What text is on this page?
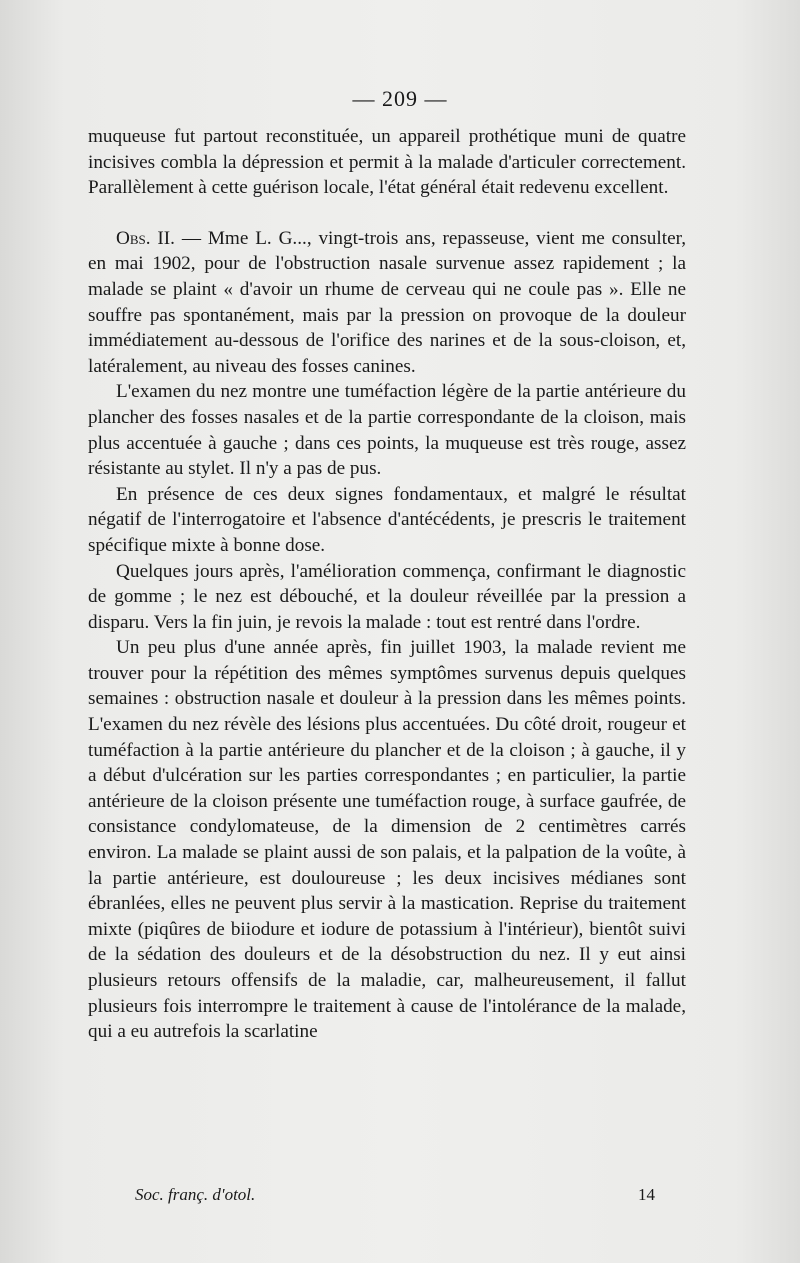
— 209 —

muqueuse fut partout reconstituée, un appareil prothétique muni de quatre incisives combla la dépression et permit à la malade d'articuler correctement. Parallèlement à cette guérison locale, l'état général était redevenu excellent.

Obs. II. — Mme L. G..., vingt-trois ans, repasseuse, vient me consulter, en mai 1902, pour de l'obstruction nasale survenue assez rapidement ; la malade se plaint « d'avoir un rhume de cerveau qui ne coule pas ». Elle ne souffre pas spontanément, mais par la pression on provoque de la douleur immédiatement au-dessous de l'orifice des narines et de la sous-cloison, et, latéralement, au niveau des fosses canines.

L'examen du nez montre une tuméfaction légère de la partie antérieure du plancher des fosses nasales et de la partie correspondante de la cloison, mais plus accentuée à gauche ; dans ces points, la muqueuse est très rouge, assez résistante au stylet. Il n'y a pas de pus.

En présence de ces deux signes fondamentaux, et malgré le résultat négatif de l'interrogatoire et l'absence d'antécédents, je prescris le traitement spécifique mixte à bonne dose.

Quelques jours après, l'amélioration commença, confirmant le diagnostic de gomme ; le nez est débouché, et la douleur réveillée par la pression a disparu. Vers la fin juin, je revois la malade : tout est rentré dans l'ordre.

Un peu plus d'une année après, fin juillet 1903, la malade revient me trouver pour la répétition des mêmes symptômes survenus depuis quelques semaines : obstruction nasale et douleur à la pression dans les mêmes points. L'examen du nez révèle des lésions plus accentuées. Du côté droit, rougeur et tuméfaction à la partie antérieure du plancher et de la cloison ; à gauche, il y a début d'ulcération sur les parties correspondantes ; en particulier, la partie antérieure de la cloison présente une tuméfaction rouge, à surface gaufrée, de consistance condylomateuse, de la dimension de 2 centimètres carrés environ. La malade se plaint aussi de son palais, et la palpation de la voûte, à la partie antérieure, est douloureuse ; les deux incisives médianes sont ébranlées, elles ne peuvent plus servir à la mastication. Reprise du traitement mixte (piqûres de biiodure et iodure de potassium à l'intérieur), bientôt suivi de la sédation des douleurs et de la désobstruction du nez. Il y eut ainsi plusieurs retours offensifs de la maladie, car, malheureusement, il fallut plusieurs fois interrompre le traitement à cause de l'intolérance de la malade, qui a eu autrefois la scarlatine

Soc. franç. d'otol.	14
